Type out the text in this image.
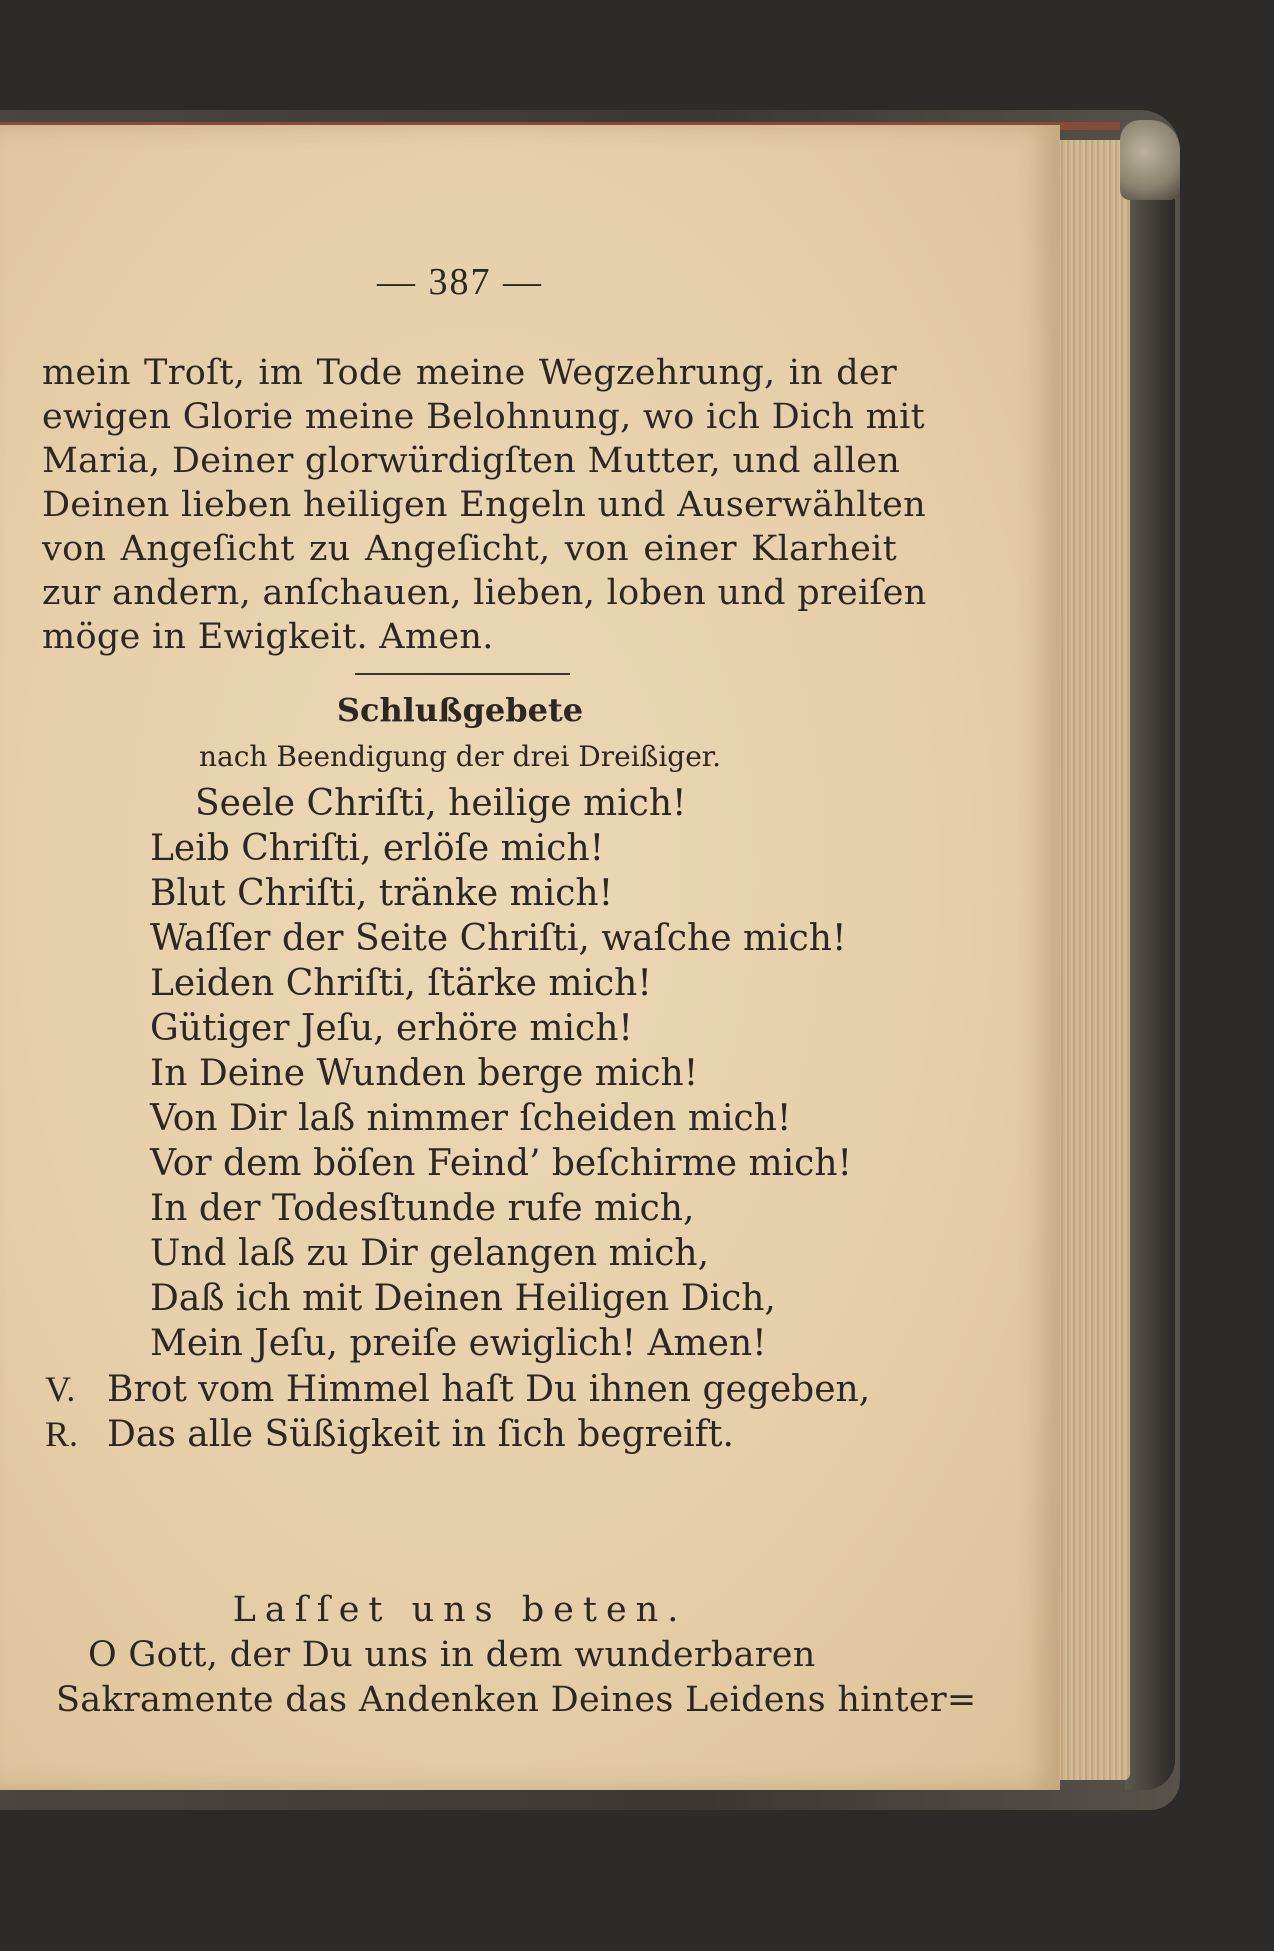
— 387 —
mein Troſt, im Tode meine Wegzehrung, in der
ewigen Glorie meine Belohnung, wo ich Dich mit
Maria, Deiner glorwürdigſten Mutter, und allen
Deinen lieben heiligen Engeln und Auserwählten
von Angeſicht zu Angeſicht, von einer Klarheit
zur andern, anſchauen, lieben, loben und preiſen
möge in Ewigkeit. Amen.
Schlußgebete
nach Beendigung der drei Dreißiger.
Seele Chriſti, heilige mich!
Leib Chriſti, erlöſe mich!
Blut Chriſti, tränke mich!
Waſſer der Seite Chriſti, waſche mich!
Leiden Chriſti, ſtärke mich!
Gütiger Jeſu, erhöre mich!
In Deine Wunden berge mich!
Von Dir laß nimmer ſcheiden mich!
Vor dem böſen Feind’ beſchirme mich!
In der Todesſtunde rufe mich,
Und laß zu Dir gelangen mich,
Daß ich mit Deinen Heiligen Dich,
Mein Jeſu, preiſe ewiglich! Amen!
V. Brot vom Himmel haſt Du ihnen gegeben,
R. Das alle Süßigkeit in ſich begreift.
Laſſet uns beten.
O Gott, der Du uns in dem wunderbaren
Sakramente das Andenken Deines Leidens hinter=
